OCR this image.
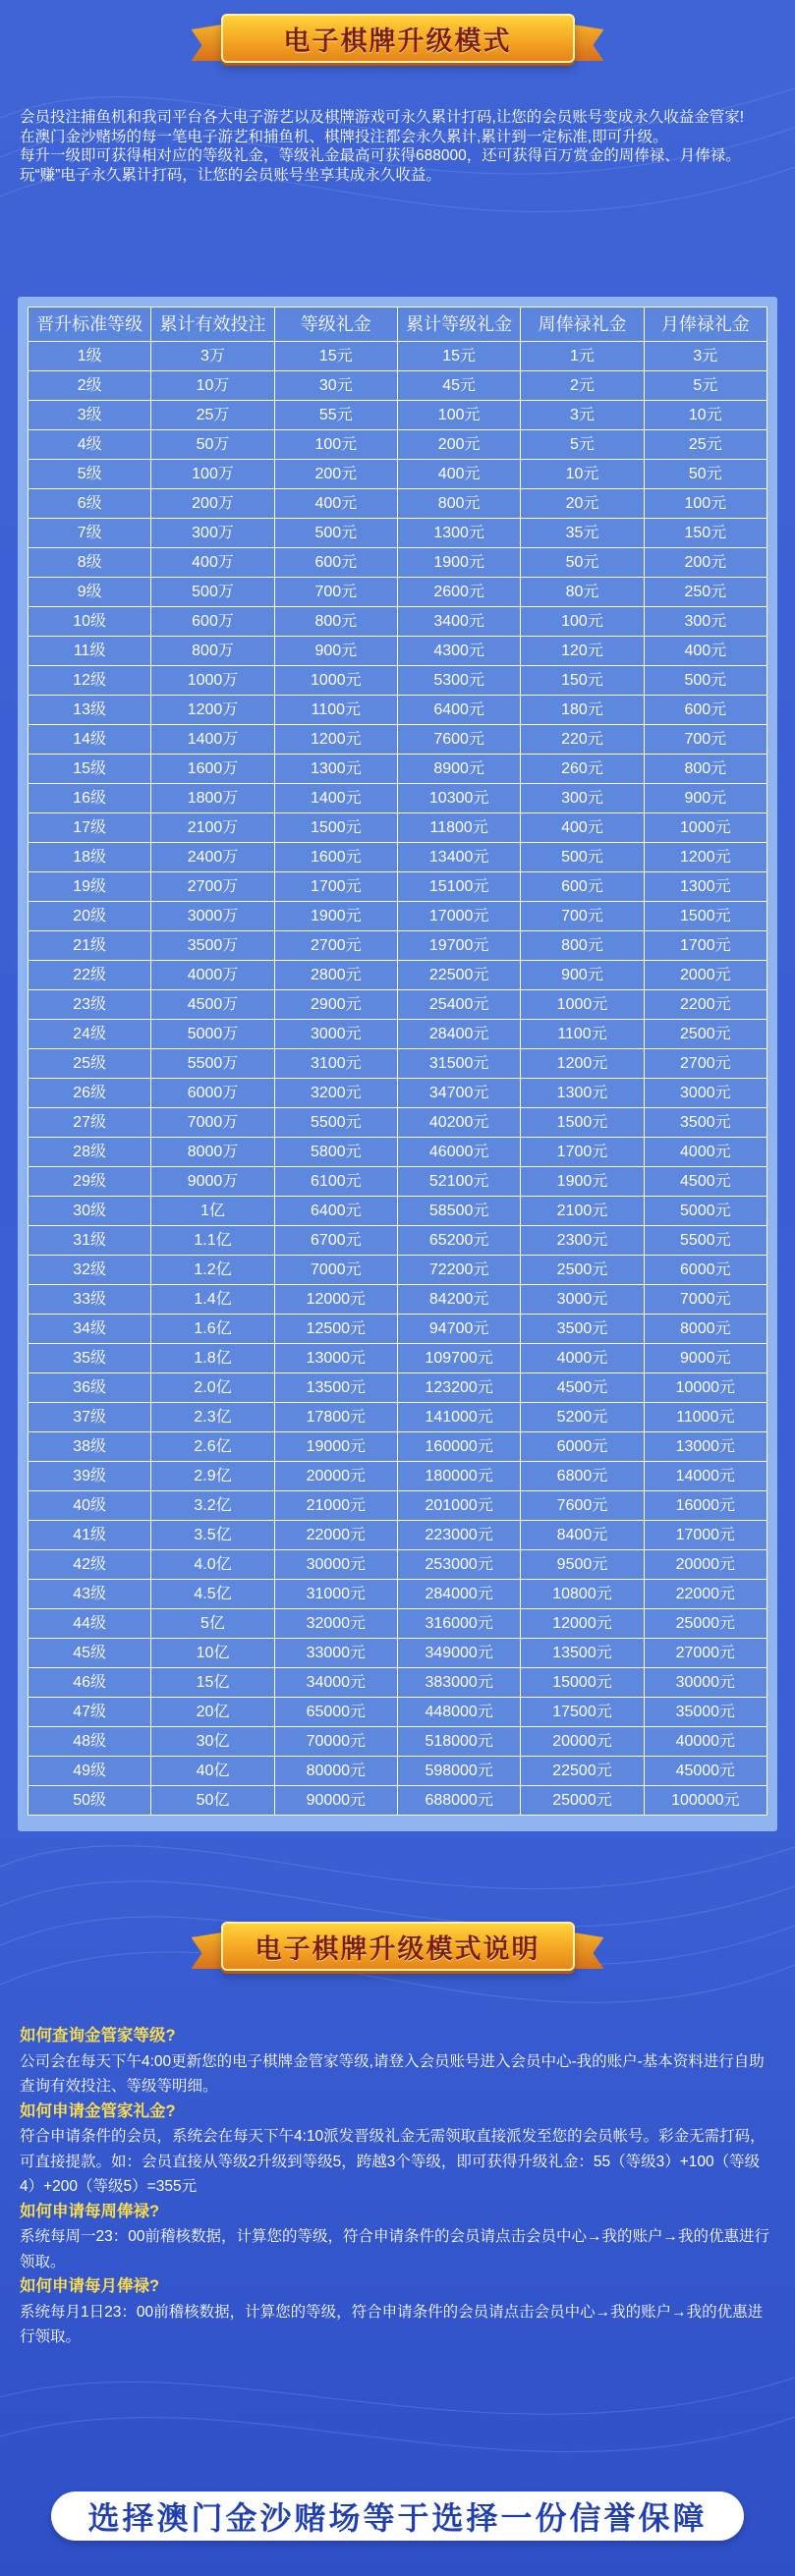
电子棋牌升级模式

会员投注捕鱼机和我司平台各大电子游艺以及棋牌游戏可永久累计打码,让您的会员账号变成永久收益金管家!

在澳门金沙赌场的每一笔电子游艺和捕鱼机、棋牌投注都会永久累计,累计到一定标准,即可升级。

每升一级即可获得相对应的等级礼金，等级礼金最高可获得688000，还可获得百万赏金的周俸禄、月俸禄。

玩“赚”电子永久累计打码，让您的会员账号坐享其成永久收益。

晋升标准等级	累计有效投注	等级礼金	累计等级礼金	周俸禄礼金	月俸禄礼金
1级	3万	15元	15元	1元	3元
2级	10万	30元	45元	2元	5元
3级	25万	55元	100元	3元	10元
4级	50万	100元	200元	5元	25元
5级	100万	200元	400元	10元	50元
6级	200万	400元	800元	20元	100元
7级	300万	500元	1300元	35元	150元
8级	400万	600元	1900元	50元	200元
9级	500万	700元	2600元	80元	250元
10级	600万	800元	3400元	100元	300元
11级	800万	900元	4300元	120元	400元
12级	1000万	1000元	5300元	150元	500元
13级	1200万	1100元	6400元	180元	600元
14级	1400万	1200元	7600元	220元	700元
15级	1600万	1300元	8900元	260元	800元
16级	1800万	1400元	10300元	300元	900元
17级	2100万	1500元	11800元	400元	1000元
18级	2400万	1600元	13400元	500元	1200元
19级	2700万	1700元	15100元	600元	1300元
20级	3000万	1900元	17000元	700元	1500元
21级	3500万	2700元	19700元	800元	1700元
22级	4000万	2800元	22500元	900元	2000元
23级	4500万	2900元	25400元	1000元	2200元
24级	5000万	3000元	28400元	1100元	2500元
25级	5500万	3100元	31500元	1200元	2700元
26级	6000万	3200元	34700元	1300元	3000元
27级	7000万	5500元	40200元	1500元	3500元
28级	8000万	5800元	46000元	1700元	4000元
29级	9000万	6100元	52100元	1900元	4500元
30级	1亿	6400元	58500元	2100元	5000元
31级	1.1亿	6700元	65200元	2300元	5500元
32级	1.2亿	7000元	72200元	2500元	6000元
33级	1.4亿	12000元	84200元	3000元	7000元
34级	1.6亿	12500元	94700元	3500元	8000元
35级	1.8亿	13000元	109700元	4000元	9000元
36级	2.0亿	13500元	123200元	4500元	10000元
37级	2.3亿	17800元	141000元	5200元	11000元
38级	2.6亿	19000元	160000元	6000元	13000元
39级	2.9亿	20000元	180000元	6800元	14000元
40级	3.2亿	21000元	201000元	7600元	16000元
41级	3.5亿	22000元	223000元	8400元	17000元
42级	4.0亿	30000元	253000元	9500元	20000元
43级	4.5亿	31000元	284000元	10800元	22000元
44级	5亿	32000元	316000元	12000元	25000元
45级	10亿	33000元	349000元	13500元	27000元
46级	15亿	34000元	383000元	15000元	30000元
47级	20亿	65000元	448000元	17500元	35000元
48级	30亿	70000元	518000元	20000元	40000元
49级	40亿	80000元	598000元	22500元	45000元
50级	50亿	90000元	688000元	25000元	100000元
电子棋牌升级模式说明

如何查询金管家等级?

公司会在每天下午4:00更新您的电子棋牌金管家等级,请登入会员账号进入会员中心-我的账户-基本资料进行自助查询有效投注、等级等明细。

如何申请金管家礼金?

符合申请条件的会员，系统会在每天下午4:10派发晋级礼金无需领取直接派发至您的会员帐号。彩金无需打码，可直接提款。如：会员直接从等级2升级到等级5，跨越3个等级，即可获得升级礼金：55（等级3）+100（等级4）+200（等级5）=355元

如何申请每周俸禄?

系统每周一23：00前稽核数据，计算您的等级，符合申请条件的会员请点击会员中心→我的账户→我的优惠进行领取。

如何申请每月俸禄?

系统每月1日23：00前稽核数据，计算您的等级，符合申请条件的会员请点击会员中心→我的账户→我的优惠进行领取。

选择澳门金沙赌场等于选择一份信誉保障
